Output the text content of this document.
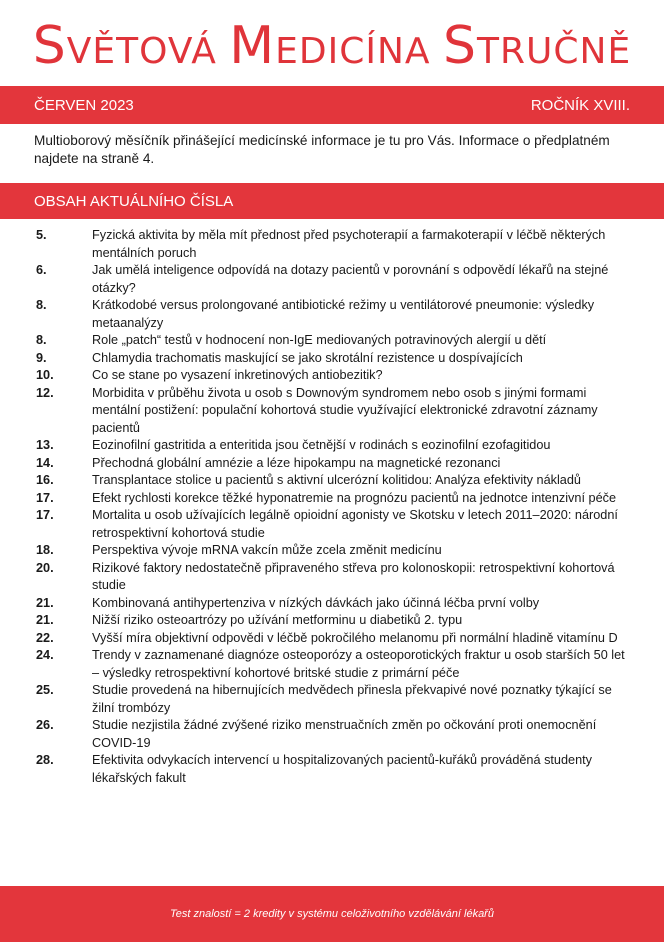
SVĚTOVÁ MEDICÍNA STRUČNĚ
ČERVEN 2023	ROČNÍK XVIII.
Multioborový měsíčník přinášející medicínské informace je tu pro Vás. Informace o předplatném najdete na straně 4.
OBSAH AKTUÁLNÍHO ČÍSLA
5.	Fyzická aktivita by měla mít přednost před psychoterapií a farmakoterapií v léčbě některých mentálních poruch
6.	Jak umělá inteligence odpovídá na dotazy pacientů v porovnání s odpovědí lékařů na stejné otázky?
8.	Krátkodobé versus prolongované antibiotické režimy u ventilátorové pneumonie: výsledky metaanalýzy
8.	Role „patch“ testů v hodnocení non-IgE mediovaných potravinových alergií u dětí
9.	Chlamydia trachomatis maskující se jako skrotální rezistence u dospívajících
10.	Co se stane po vysazení inkretinových antiobezitik?
12.	Morbidita v průběhu života u osob s Downovým syndromem nebo osob s jinými formami mentální postižení: populační kohortová studie využívající elektronické zdravotní záznamy pacientů
13.	Eozinofilní gastritida a enteritida jsou četnější v rodinách s eozinofilní ezofagitidou
14.	Přechodná globální amnézie a léze hipokampu na magnetické rezonanci
16.	Transplantace stolice u pacientů s aktivní ulcerózní kolitidou: Analýza efektivity nákladů
17.	Efekt rychlosti korekce těžké hyponatremie na prognózu pacientů na jednotce intenzivní péče
17.	Mortalita u osob užívajících legálně opioidní agonisty ve Skotsku v letech 2011–2020: národní retrospektivní kohortová studie
18.	Perspektiva vývoje mRNA vakcín může zcela změnit medicínu
20.	Rizikové faktory nedostatečně připraveného střeva pro kolonoskopii: retrospektivní kohortová studie
21.	Kombinovaná antihypertenziva v nízkých dávkách jako účinná léčba první volby
21.	Nižší riziko osteoartrózy po užívání metforminu u diabetiků 2. typu
22.	Vyšší míra objektivní odpovědi v léčbě pokročilého melanomu při normální hladině vitamínu D
24.	Trendy v zaznamenané diagnóze osteoporózy a osteoporotických fraktur u osob starších 50 let – výsledky retrospektivní kohortové britské studie z primární péče
25.	Studie provedená na hibernujících medvědech přinesla překvapivé nové poznatky týkající se žilní trombózy
26.	Studie nezjistila žádné zvýšené riziko menstruačních změn po očkování proti onemocnění COVID-19
28.	Efektivita odvykacích intervencí u hospitalizovaných pacientů-kuřáků prováděná studenty lékařských fakult
Test znalostí = 2 kredity v systému celoživotního vzdělávání lékařů
